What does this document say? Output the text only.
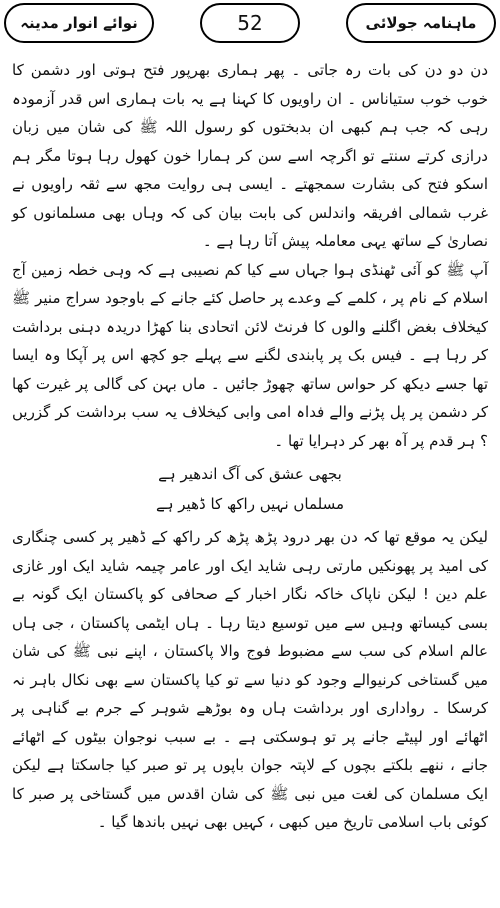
ماہنامہ جولائی
52
نوائے انوار مدینہ

دن دو دن کی بات رہ جاتی ۔ پھر ہماری بھرپور فتح ہوتی اور دشمن کا خوب خوب ستیاناس ۔ ان راویوں کا کہنا ہے یہ بات ہماری اس قدر آزمودہ رہی کہ جب ہم کبھی ان بدبختوں کو رسول اللہ ﷺ کی شان میں زبان درازی کرتے سنتے تو اگرچہ اسے سن کر ہمارا خون کھول رہا ہوتا مگر ہم اسکو فتح کی بشارت سمجھتے ۔ ایسی ہی روایت مجھ سے ثقہ راویوں نے غرب شمالی افریقہ واندلس کی بابت بیان کی کہ وہاں بھی مسلمانوں کو نصاریٰ کے ساتھ یہی معاملہ پیش آتا رہا ہے ۔

آپ ﷺ کو آئی ٹھنڈی ہوا جہاں سے کیا کم نصیبی ہے کہ وہی خطہ زمین آج اسلام کے نام پر ، کلمے کے وعدے پر حاصل کئے جانے کے باوجود سراج منیر ﷺ کیخلاف بغض اگلنے والوں کا فرنٹ لائن اتحادی بنا کھڑا دریدہ دہنی برداشت کر رہا ہے ۔ فیس بک پر پابندی لگنے سے پہلے جو کچھ اس پر آپکا وہ ایسا تھا جسے دیکھ کر حواس ساتھ چھوڑ جائیں ۔ ماں بہن کی گالی پر غیرت کھا کر دشمن پر پل پڑنے والے فداہ امی وابی کیخلاف یہ سب برداشت کر گزریں ؟ ہر قدم پر آہ بھر کر دہرایا تھا ۔

بجھی عشق کی آگ اندھیر ہے

مسلماں نہیں راکھ کا ڈھیر ہے

لیکن یہ موقع تھا کہ دن بھر درود پڑھ پڑھ کر راکھ کے ڈھیر پر کسی چنگاری کی امید پر پھونکیں مارتی رہی شاید ایک اور عامر چیمہ شاید ایک اور غازی علم دین ! لیکن ناپاک خاکہ نگار اخبار کے صحافی کو پاکستان ایک گونہ بے بسی کیساتھ وہیں سے میں توسیع دیتا رہا ۔ ہاں ایٹمی پاکستان ، جی ہاں عالم اسلام کی سب سے مضبوط فوج والا پاکستان ، اپنے نبی ﷺ کی شان میں گستاخی کرنیوالے وجود کو دنیا سے تو کیا پاکستان سے بھی نکال باہر نہ کرسکا ۔ رواداری اور برداشت ہاں وہ بوڑھے شوہر کے جرم بے گناہی پر اٹھائے اور لپیٹے جانے پر تو ہوسکتی ہے ۔ بے سبب نوجوان بیٹوں کے اٹھائے جانے ، ننھے بلکتے بچوں کے لاپتہ جوان باپوں پر تو صبر کیا جاسکتا ہے لیکن ایک مسلمان کی لغت میں نبی ﷺ کی شان اقدس میں گستاخی پر صبر کا کوئی باب اسلامی تاریخ میں کبھی ، کہیں بھی نہیں باندھا گیا ۔
